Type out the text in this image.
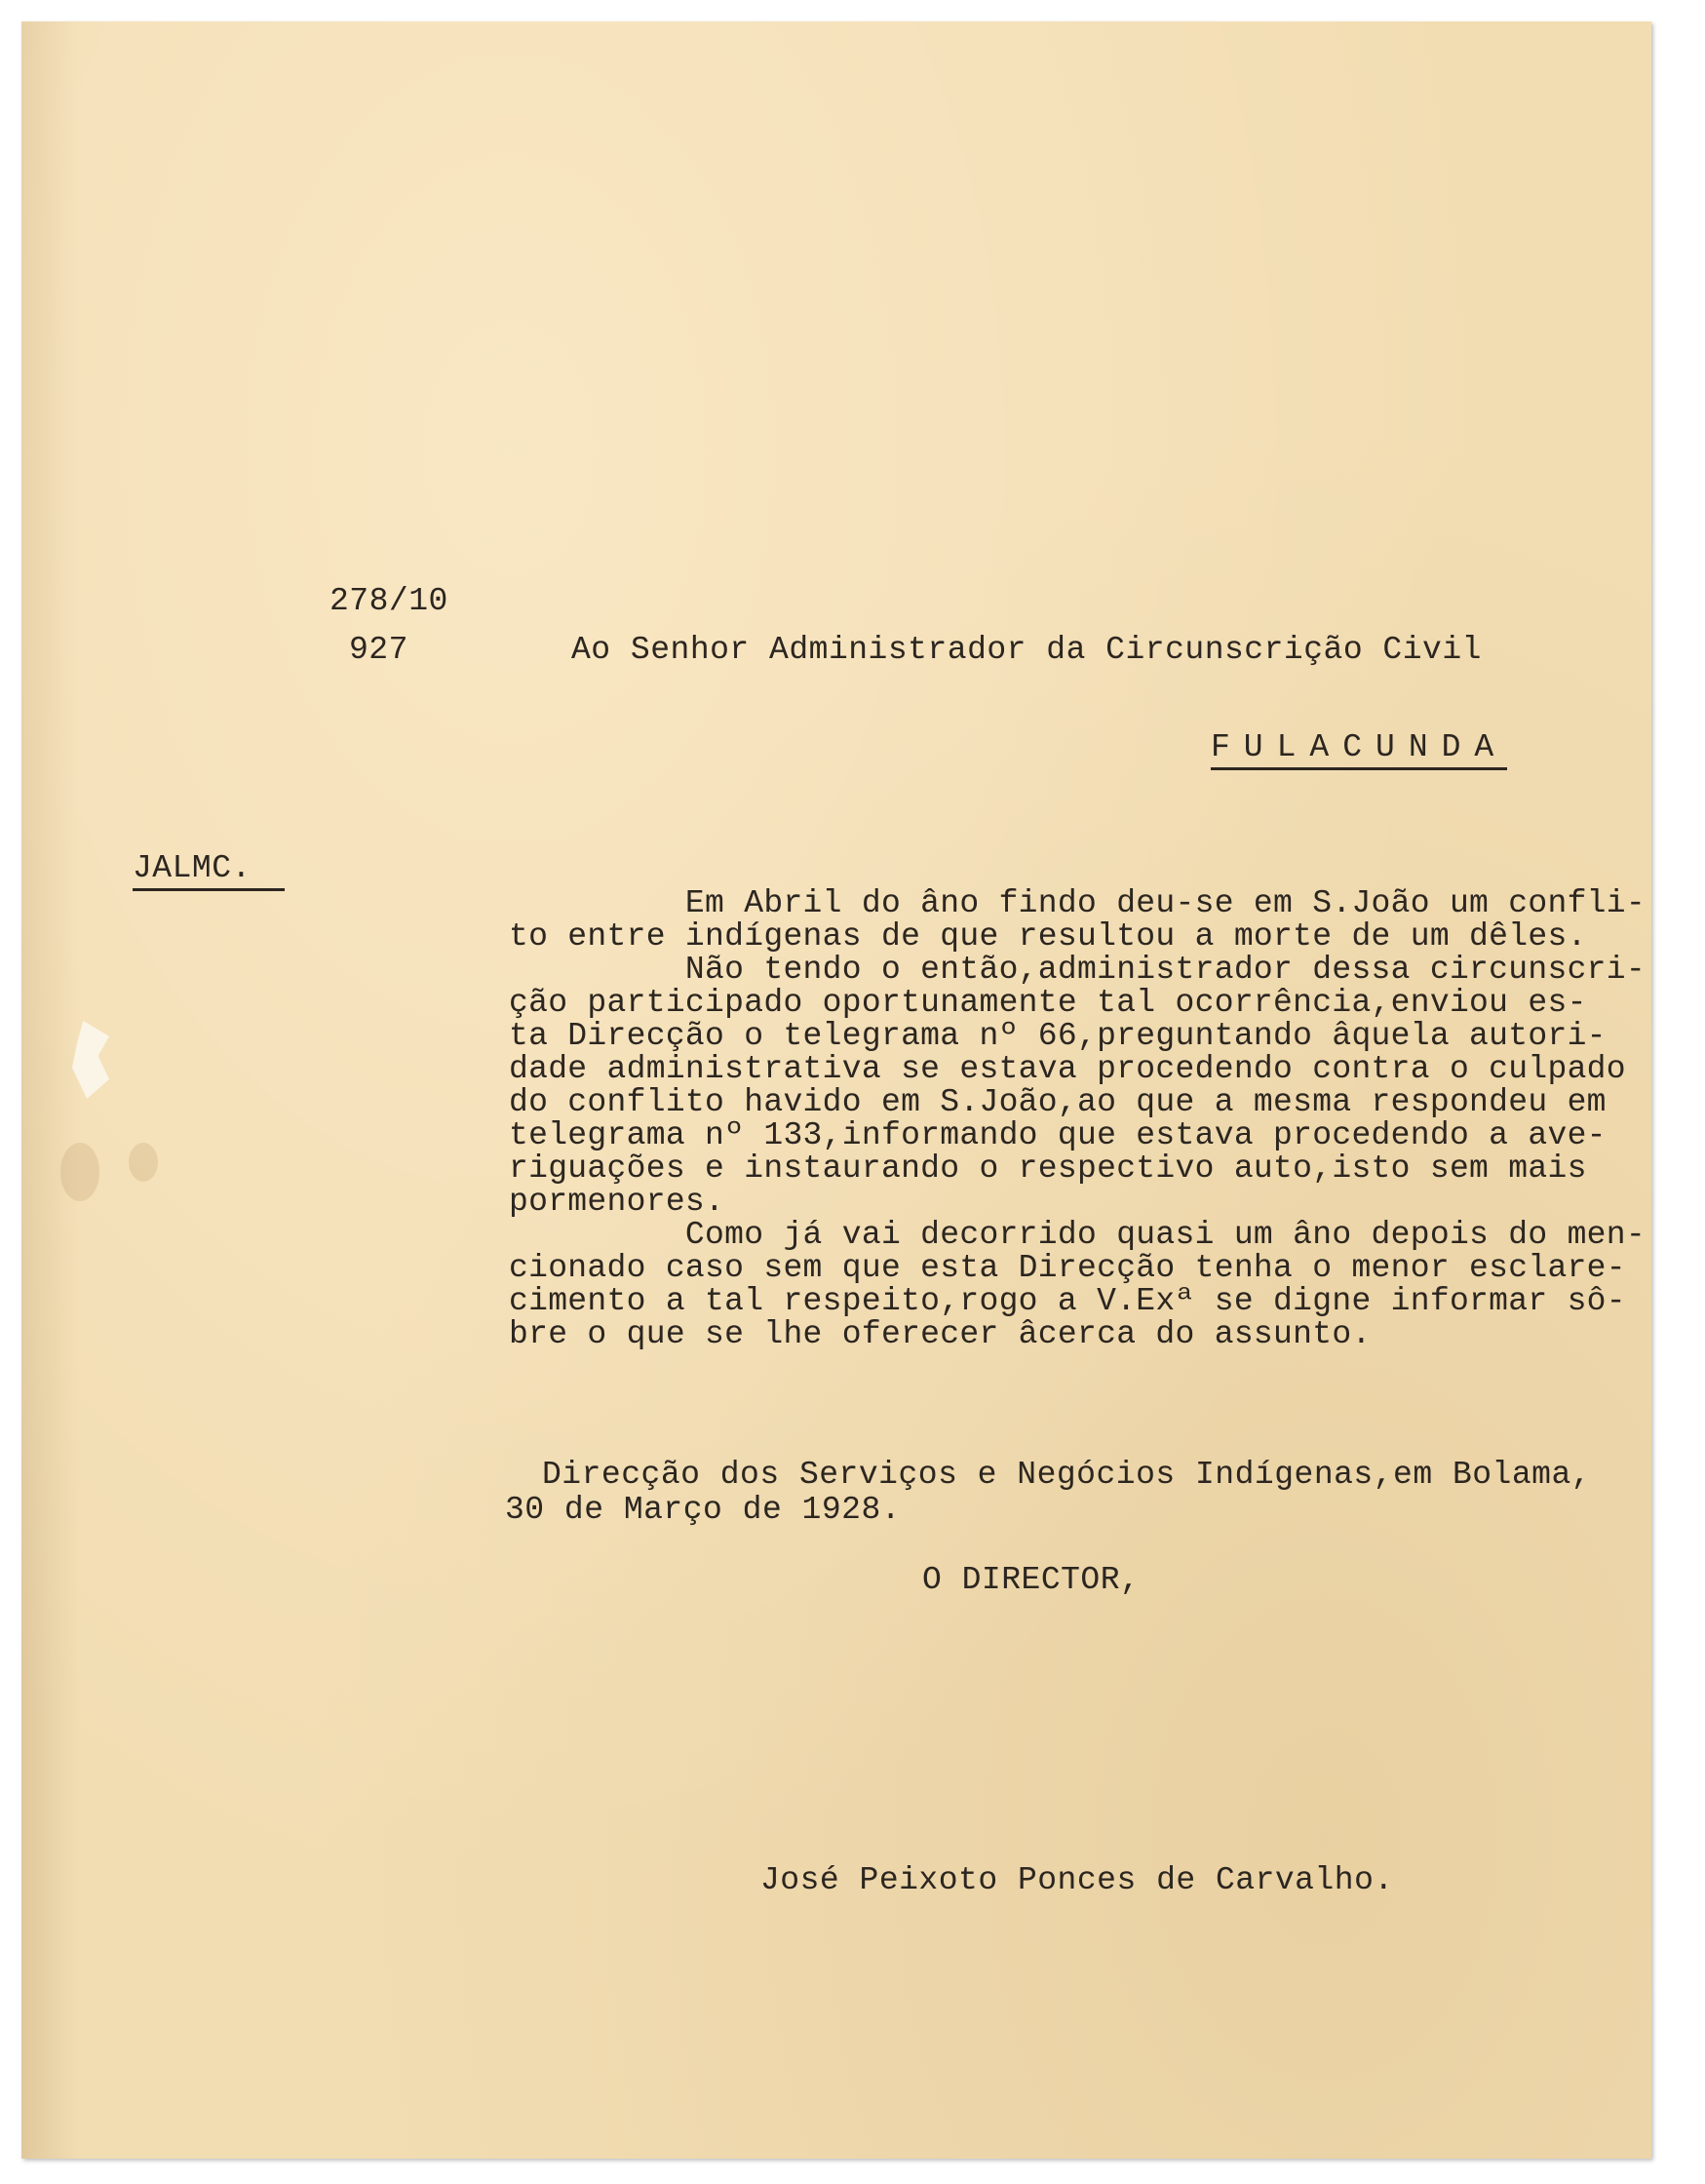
278/10
927	Ao Senhor Administrador da Circunscrição Civil
FULACUNDA
JALMC.
Em Abril do âno findo deu-se em S.João um confli-
to entre indígenas de que resultou a morte de um dêles.
Não tendo o então,administrador dessa circunscri-
ção participado oportunamente tal ocorrência,enviou es-
ta Direcção o telegrama nº 66,preguntando âquela autori-
dade administrativa se estava procedendo contra o culpado
do conflito havido em S.João,ao que a mesma respondeu em
telegrama nº 133,informando que estava procedendo a ave-
riguações e instaurando o respectivo auto,isto sem mais
pormenores.
Como já vai decorrido quasi um âno depois do men-
cionado caso sem que esta Direcção tenha o menor esclare-
cimento a tal respeito,rogo a V.Exª se digne informar sô-
bre o que se lhe oferecer âcerca do assunto.
Direcção dos Serviços e Negócios Indígenas,em Bolama,
30 de Março de 1928.
O DIRECTOR,
José Peixoto Ponces de Carvalho.
